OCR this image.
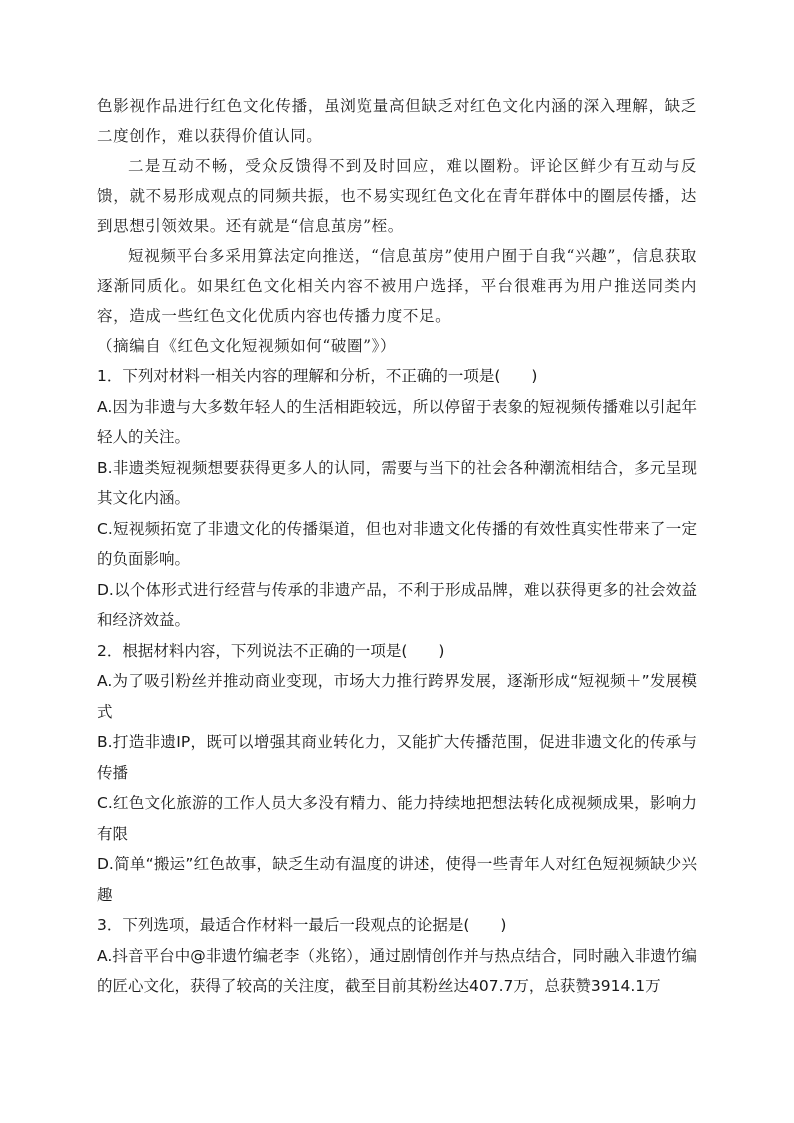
色影视作品进行红色文化传播，虽浏览量高但缺乏对红色文化内涵的深入理解，缺乏二度创作，难以获得价值认同。

二是互动不畅，受众反馈得不到及时回应，难以圈粉。评论区鲜少有互动与反馈，就不易形成观点的同频共振，也不易实现红色文化在青年群体中的圈层传播，达到思想引领效果。还有就是“信息茧房”桎。

短视频平台多采用算法定向推送，“信息茧房”使用户囿于自我“兴趣”，信息获取逐渐同质化。如果红色文化相关内容不被用户选择，平台很难再为用户推送同类内容，造成一些红色文化优质内容也传播力度不足。

（摘编自《红色文化短视频如何“破圈”》）

1．下列对材料一相关内容的理解和分析，不正确的一项是(　　)

A.因为非遗与大多数年轻人的生活相距较远，所以停留于表象的短视频传播难以引起年轻人的关注。

B.非遗类短视频想要获得更多人的认同，需要与当下的社会各种潮流相结合，多元呈现其文化内涵。

C.短视频拓宽了非遗文化的传播渠道，但也对非遗文化传播的有效性真实性带来了一定的负面影响。

D.以个体形式进行经营与传承的非遗产品，不利于形成品牌，难以获得更多的社会效益和经济效益。

2．根据材料内容，下列说法不正确的一项是(　　)

A.为了吸引粉丝并推动商业变现，市场大力推行跨界发展，逐渐形成“短视频＋”发展模式

B.打造非遗IP，既可以增强其商业转化力，又能扩大传播范围，促进非遗文化的传承与传播

C.红色文化旅游的工作人员大多没有精力、能力持续地把想法转化成视频成果，影响力有限

D.简单“搬运”红色故事，缺乏生动有温度的讲述，使得一些青年人对红色短视频缺少兴趣

3．下列选项，最适合作材料一最后一段观点的论据是(　　)

A.抖音平台中@非遗竹编老李（兆铭），通过剧情创作并与热点结合，同时融入非遗竹编的匠心文化，获得了较高的关注度，截至目前其粉丝达407.7万，总获赞3914.1万
